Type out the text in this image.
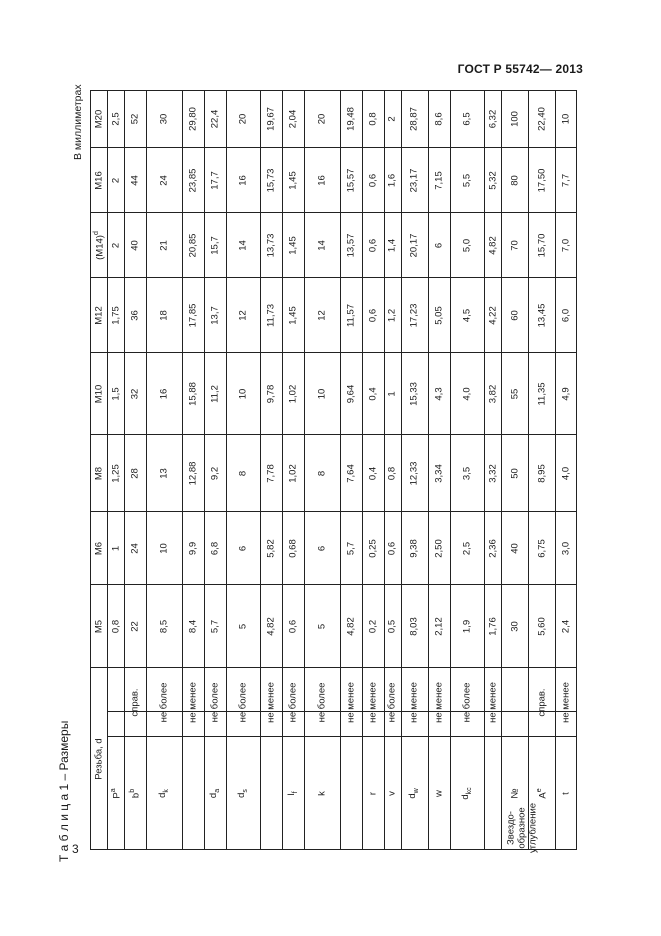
ГОСТ Р 55742— 2013
Т а б л и ц а 1 – Размеры
В миллиметрах
3
Резьба, d
M5
M6
M8
M10
M12
$(M14)^d$
M16
M20
$P^a$
0,8
1
1,25
1,5
1,75
2
2
2,5
$b^b$
справ.
22
24
28
32
36
40
44
52
$d_k$
не более
8,5
10
13
16
18
21
24
30
не менее
8,4
9,9
12,88
15,88
17,85
20,85
23,85
29,80
$d_a$
не более
5,7
6,8
9,2
11,2
13,7
15,7
17,7
22,4
$d_s$
не более
5
6
8
10
12
14
16
20
не менее
4,82
5,82
7,78
9,78
11,73
13,73
15,73
19,67
$l_f$
не более
0,6
0,68
1,02
1,02
1,45
1,45
1,45
2,04
k
не более
5
6
8
10
12
14
16
20
не менее
4,82
5,7
7,64
9,64
11,57
13,57
15,57
19,48
r
не менее
0,2
0,25
0,4
0,4
0,6
0,6
0,6
0,8
v
не более
0,5
0,6
0,8
1
1,2
1,4
1,6
2
$d_w$
не менее
8,03
9,38
12,33
15,33
17,23
20,17
23,17
28,87
w
не менее
2,12
2,50
3,34
4,3
5,05
6
7,15
8,6
$d_{kc}$
не более
1,9
2,5
3,5
4,0
4,5
5,0
5,5
6,5
не менее
1,76
2,36
3,32
3,82
4,22
4,82
5,32
6,32
№
30
40
50
55
60
70
80
100
$A^e$
справ.
5,60
6,75
8,95
11,35
13,45
15,70
17,50
22,40
t
не менее
2,4
3,0
4,0
4,9
6,0
7,0
7,7
10
Звездо- образное углубление
